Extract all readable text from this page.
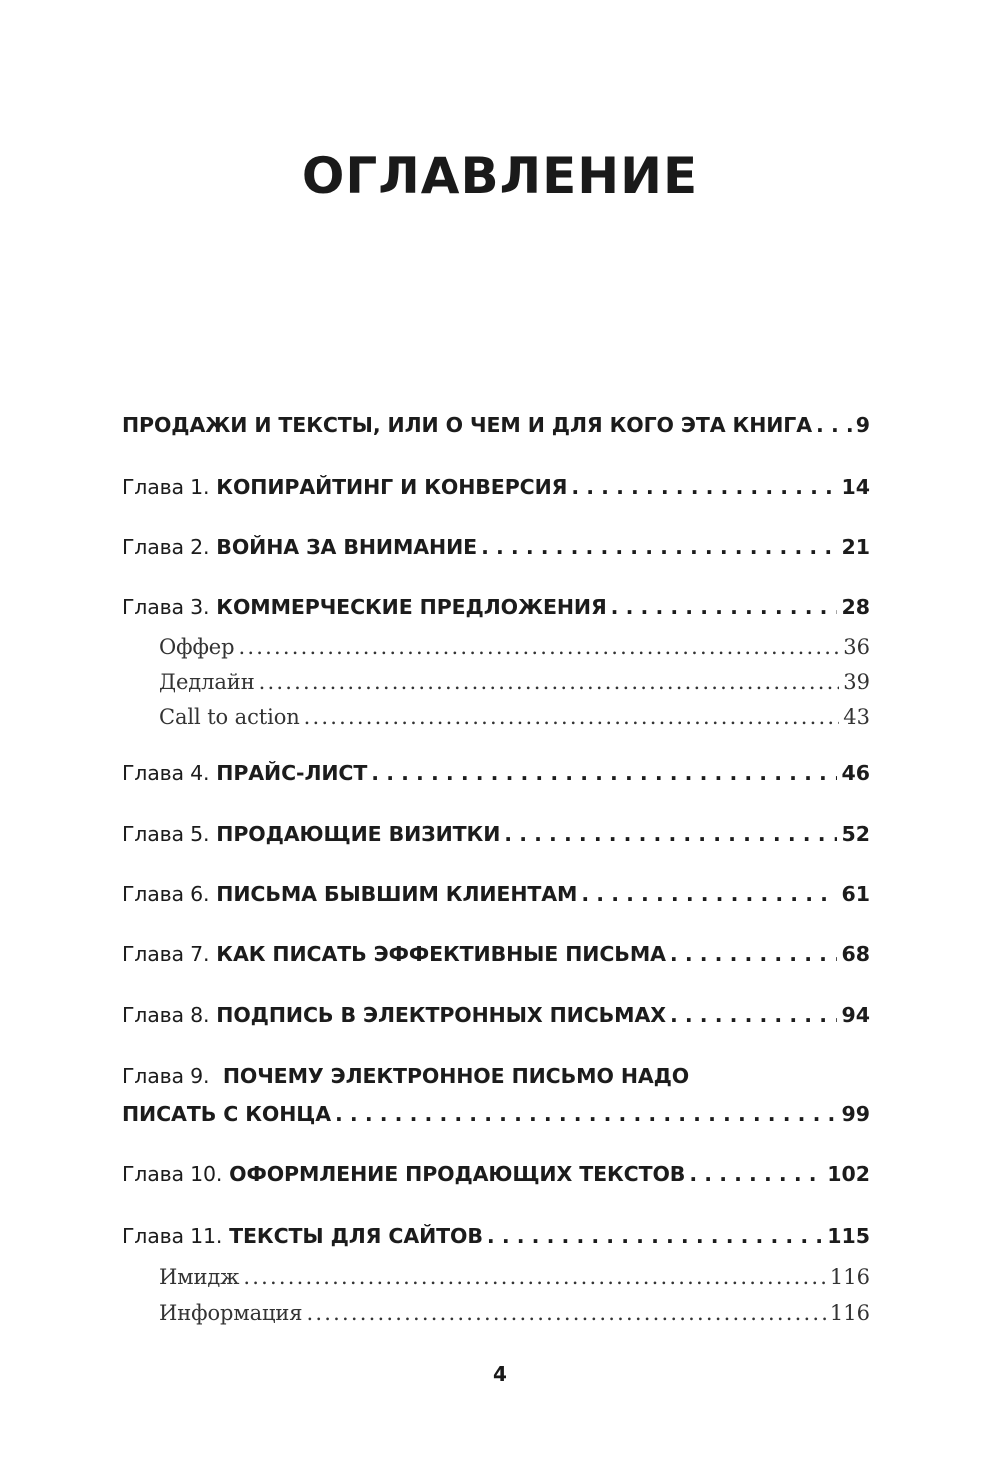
ОГЛАВЛЕНИЕ
ПРОДАЖИ И ТЕКСТЫ, ИЛИ О ЧЕМ И ДЛЯ КОГО ЭТА КНИГА . . . 9
Глава 1. КОПИРАЙТИНГ И КОНВЕРСИЯ . . .	14
Глава 2. ВОЙНА ЗА ВНИМАНИЕ . . .	21
Глава 3. КОММЕРЧЕСКИЕ ПРЕДЛОЖЕНИЯ . . .	28
Оффер .....	36
Дедлайн .....	39
Call to action .....	43
Глава 4. ПРАЙС-ЛИСТ . . .	46
Глава 5. ПРОДАЮЩИЕ ВИЗИТКИ . . .	52
Глава 6. ПИСЬМА БЫВШИМ КЛИЕНТАМ . . .	61
Глава 7. КАК ПИСАТЬ ЭФФЕКТИВНЫЕ ПИСЬМА . . .	68
Глава 8. ПОДПИСЬ В ЭЛЕКТРОННЫХ ПИСЬМАХ . . .	94
Глава 9. ПОЧЕМУ ЭЛЕКТРОННОЕ ПИСЬМО НАДО
ПИСАТЬ С КОНЦА . . .	99
Глава 10. ОФОРМЛЕНИЕ ПРОДАЮЩИХ ТЕКСТОВ . . .	102
Глава 11. ТЕКСТЫ ДЛЯ САЙТОВ . . .	115
Имидж .....	116
Информация .....	116
4
